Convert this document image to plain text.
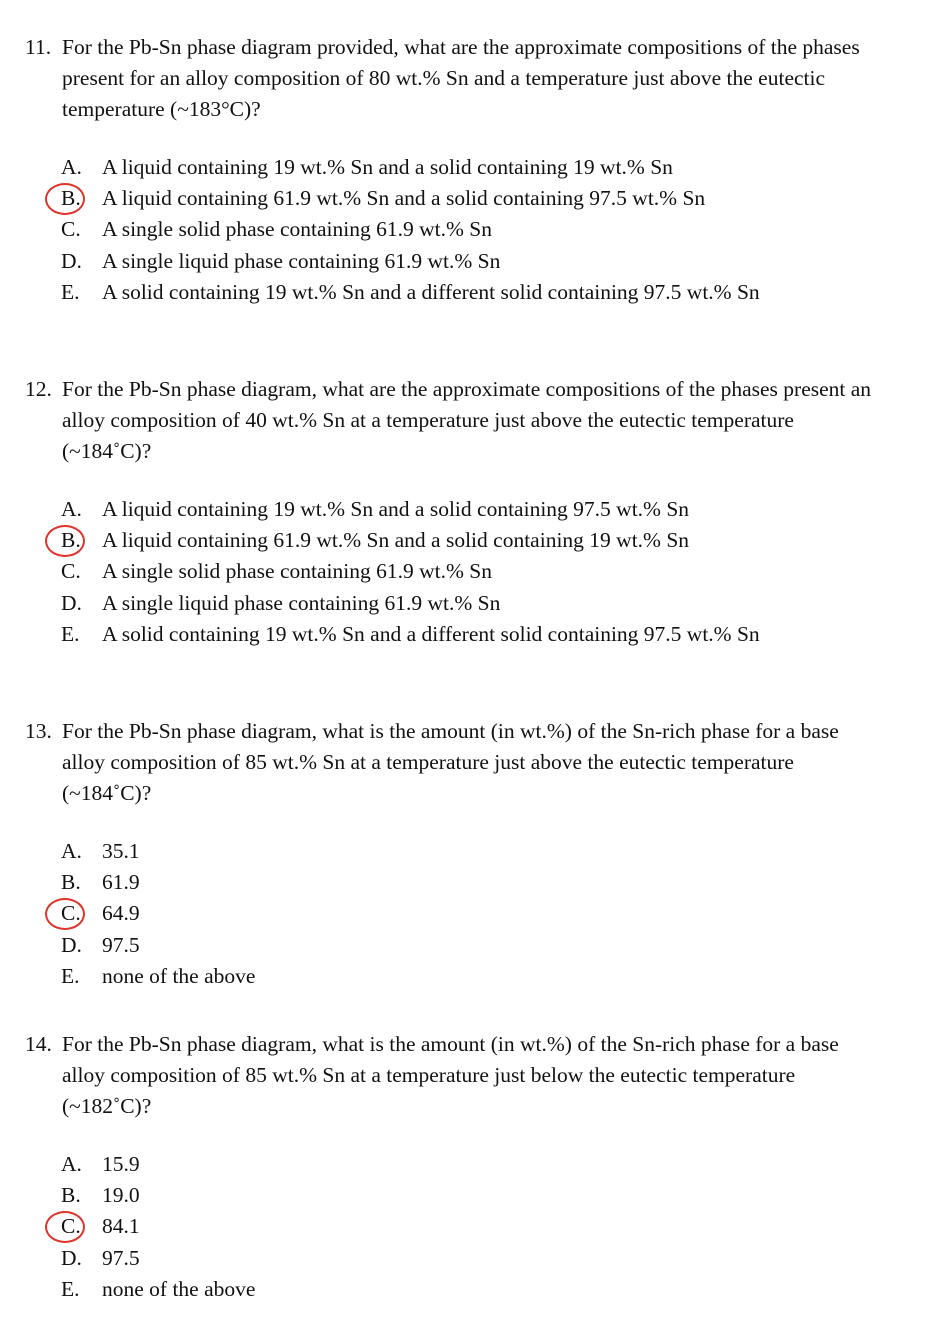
11. For the Pb-Sn phase diagram provided, what are the approximate compositions of the phases
present for an alloy composition of 80 wt.% Sn and a temperature just above the eutectic
temperature (~183°C)?
A. A liquid containing 19 wt.% Sn and a solid containing 19 wt.% Sn
B. A liquid containing 61.9 wt.% Sn and a solid containing 97.5 wt.% Sn
C. A single solid phase containing 61.9 wt.% Sn
D. A single liquid phase containing 61.9 wt.% Sn
E.	A solid containing 19 wt.% Sn and a different solid containing 97.5 wt.% Sn
12. For the Pb-Sn phase diagram, what are the approximate compositions of the phases present an
alloy composition of 40 wt.% Sn at a temperature just above the eutectic temperature
(~184˚C)?
A. A liquid containing 19 wt.% Sn and a solid containing 97.5 wt.% Sn
B. A liquid containing 61.9 wt.% Sn and a solid containing 19 wt.% Sn
C. A single solid phase containing 61.9 wt.% Sn
D. A single liquid phase containing 61.9 wt.% Sn
E.	A solid containing 19 wt.% Sn and a different solid containing 97.5 wt.% Sn
13. For the Pb-Sn phase diagram, what is the amount (in wt.%) of the Sn-rich phase for a base
alloy composition of 85 wt.% Sn at a temperature just above the eutectic temperature
(~184˚C)?
A. 35.1
B. 61.9
C. 64.9
D. 97.5
E.	none of the above
14. For the Pb-Sn phase diagram, what is the amount (in wt.%) of the Sn-rich phase for a base
alloy composition of 85 wt.% Sn at a temperature just below the eutectic temperature
(~182˚C)?
A. 15.9
B. 19.0
C. 84.1
D. 97.5
E.	none of the above
